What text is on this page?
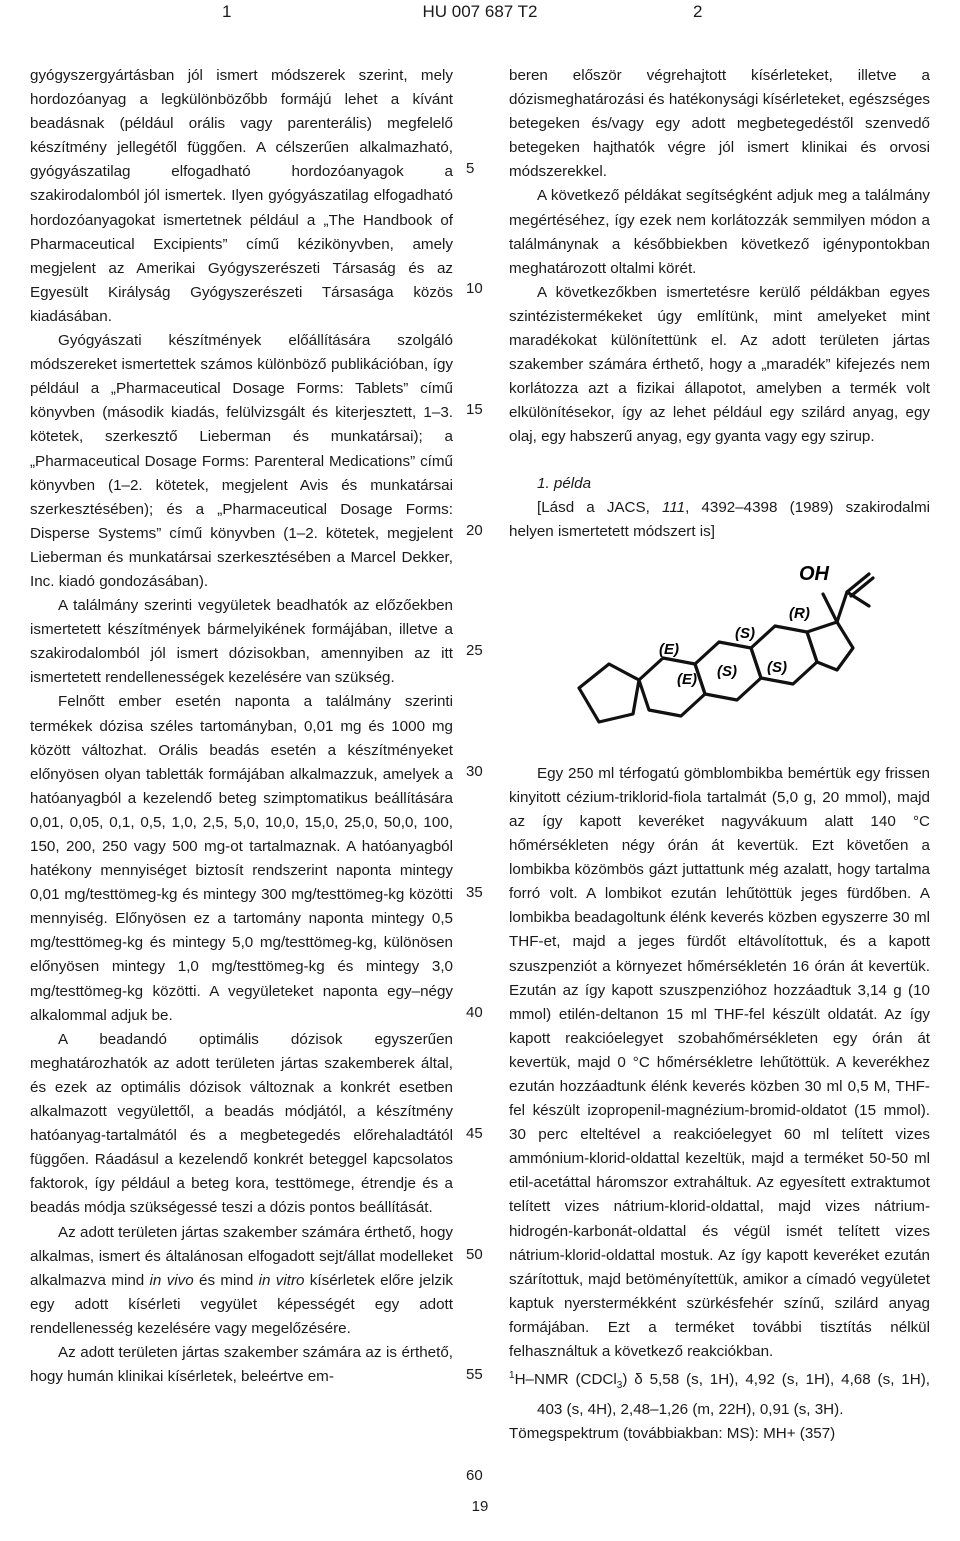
1	HU 007 687 T2	2

gyógyszergyártásban jól ismert módszerek szerint, mely hordozóanyag a legkülönbözőbb formájú lehet a kívánt beadásnak (például orális vagy parenterális) megfelelő készítmény jellegétől függően. A célszerűen alkalmazható, gyógyászatilag elfogadható hordozóanyagok a szakirodalomból jól ismertek. Ilyen gyógyászatilag elfogadható hordozóanyagokat ismertetnek például a „The Handbook of Pharmaceutical Excipients” című kézikönyvben, amely megjelent az Amerikai Gyógyszerészeti Társaság és az Egyesült Királyság Gyógyszerészeti Társasága közös kiadásában.

Gyógyászati készítmények előállítására szolgáló módszereket ismertettek számos különböző publikációban, így például a „Pharmaceutical Dosage Forms: Tablets” című könyvben (második kiadás, felülvizsgált és kiterjesztett, 1–3. kötetek, szerkesztő Lieberman és munkatársai); a „Pharmaceutical Dosage Forms: Parenteral Medications” című könyvben (1–2. kötetek, megjelent Avis és munkatársai szerkesztésében); és a „Pharmaceutical Dosage Forms: Disperse Systems” című könyvben (1–2. kötetek, megjelent Lieberman és munkatársai szerkesztésében a Marcel Dekker, Inc. kiadó gondozásában).

A találmány szerinti vegyületek beadhatók az előzőekben ismertetett készítmények bármelyikének formájában, illetve a szakirodalomból jól ismert dózisokban, amennyiben az itt ismertetett rendellenességek kezelésére van szükség.

Felnőtt ember esetén naponta a találmány szerinti termékek dózisa széles tartományban, 0,01 mg és 1000 mg között változhat. Orális beadás esetén a készítményeket előnyösen olyan tabletták formájában alkalmazzuk, amelyek a hatóanyagból a kezelendő beteg szimptomatikus beállítására 0,01, 0,05, 0,1, 0,5, 1,0, 2,5, 5,0, 10,0, 15,0, 25,0, 50,0, 100, 150, 200, 250 vagy 500 mg-ot tartalmaznak. A hatóanyagból hatékony mennyiséget biztosít rendszerint naponta mintegy 0,01 mg/testtömeg-kg és mintegy 300 mg/testtömeg-kg közötti mennyiség. Előnyösen ez a tartomány naponta mintegy 0,5 mg/testtömeg-kg és mintegy 5,0 mg/testtömeg-kg, különösen előnyösen mintegy 1,0 mg/testtömeg-kg és mintegy 3,0 mg/testtömeg-kg közötti. A vegyületeket naponta egy–négy alkalommal adjuk be.

A beadandó optimális dózisok egyszerűen meghatározhatók az adott területen jártas szakemberek által, és ezek az optimális dózisok változnak a konkrét esetben alkalmazott vegyülettől, a beadás módjától, a készítmény hatóanyag-tartalmától és a megbetegedés előrehaladtától függően. Ráadásul a kezelendő konkrét beteggel kapcsolatos faktorok, így például a beteg kora, testtömege, étrendje és a beadás módja szükségessé teszi a dózis pontos beállítását.

Az adott területen jártas szakember számára érthető, hogy alkalmas, ismert és általánosan elfogadott sejt/állat modelleket alkalmazva mind in vivo és mind in vitro kísérletek előre jelzik egy adott kísérleti vegyület képességét egy adott rendellenesség kezelésére vagy megelőzésére.

Az adott területen jártas szakember számára az is érthető, hogy humán klinikai kísérletek, beleértve em-

5
10
15
20
25
30
35
40
45
50
55
60

beren először végrehajtott kísérleteket, illetve a dózismeghatározási és hatékonysági kísérleteket, egészséges betegeken és/vagy egy adott megbetegedéstől szenvedő betegeken hajthatók végre jól ismert klinikai és orvosi módszerekkel.

A következő példákat segítségként adjuk meg a találmány megértéséhez, így ezek nem korlátozzák semmilyen módon a találmánynak a későbbiekben következő igénypontokban meghatározott oltalmi körét.

A következőkben ismertetésre kerülő példákban egyes szintézistermékeket úgy említünk, mint amelyeket mint maradékokat különítettünk el. Az adott területen jártas szakember számára érthető, hogy a „maradék” kifejezés nem korlátozza azt a fizikai állapotot, amelyben a termék volt elkülönítésekor, így az lehet például egy szilárd anyag, egy olaj, egy habszerű anyag, egy gyanta vagy egy szirup.

1. példa

[Lásd a JACS, 111, 4392–4398 (1989) szakirodalmi helyen ismertetett módszert is]

OH
(E)
(S)
(R)
(E) (S) (S)

Egy 250 ml térfogatú gömblombikba bemértük egy frissen kinyitott cézium-triklorid-fiola tartalmát (5,0 g, 20 mmol), majd az így kapott keveréket nagyvákuum alatt 140 °C hőmérsékleten négy órán át kevertük. Ezt követően a lombikba közömbös gázt juttattunk még azalatt, hogy tartalma forró volt. A lombikot ezután lehűtöttük jeges fürdőben. A lombikba beadagoltunk élénk keverés közben egyszerre 30 ml THF-et, majd a jeges fürdőt eltávolítottuk, és a kapott szuszpenziót a környezet hőmérsékletén 16 órán át kevertük. Ezután az így kapott szuszpenzióhoz hozzáadtuk 3,14 g (10 mmol) etilén-deltanon 15 ml THF-fel készült oldatát. Az így kapott reakcióelegyet szobahőmérsékleten egy órán át kevertük, majd 0 °C hőmérsékletre lehűtöttük. A keverékhez ezután hozzáadtunk élénk keverés közben 30 ml 0,5 M, THF-fel készült izopropenil-magnézium-bromid-oldatot (15 mmol). 30 perc elteltével a reakcióelegyet 60 ml telített vizes ammónium-klorid-oldattal kezeltük, majd a terméket 50-50 ml etil-acetáttal háromszor extraháltuk. Az egyesített extraktumot telített vizes nátrium-klorid-oldattal, majd vizes nátrium-hidrogén-karbonát-oldattal és végül ismét telített vizes nátrium-klorid-oldattal mostuk. Az így kapott keveréket ezután szárítottuk, majd betöményítettük, amikor a címadó vegyületet kaptuk nyerstermékként szürkésfehér színű, szilárd anyag formájában. Ezt a terméket további tisztítás nélkül felhasználtuk a következő reakciókban.

$^1$H–NMR (CDCl$_3$) δ 5,58 (s, 1H), 4,92 (s, 1H), 4,68 (s, 1H), 403 (s, 4H), 2,48–1,26 (m, 22H), 0,91 (s, 3H).

Tömegspektrum (továbbiakban: MS): MH+ (357)

19
